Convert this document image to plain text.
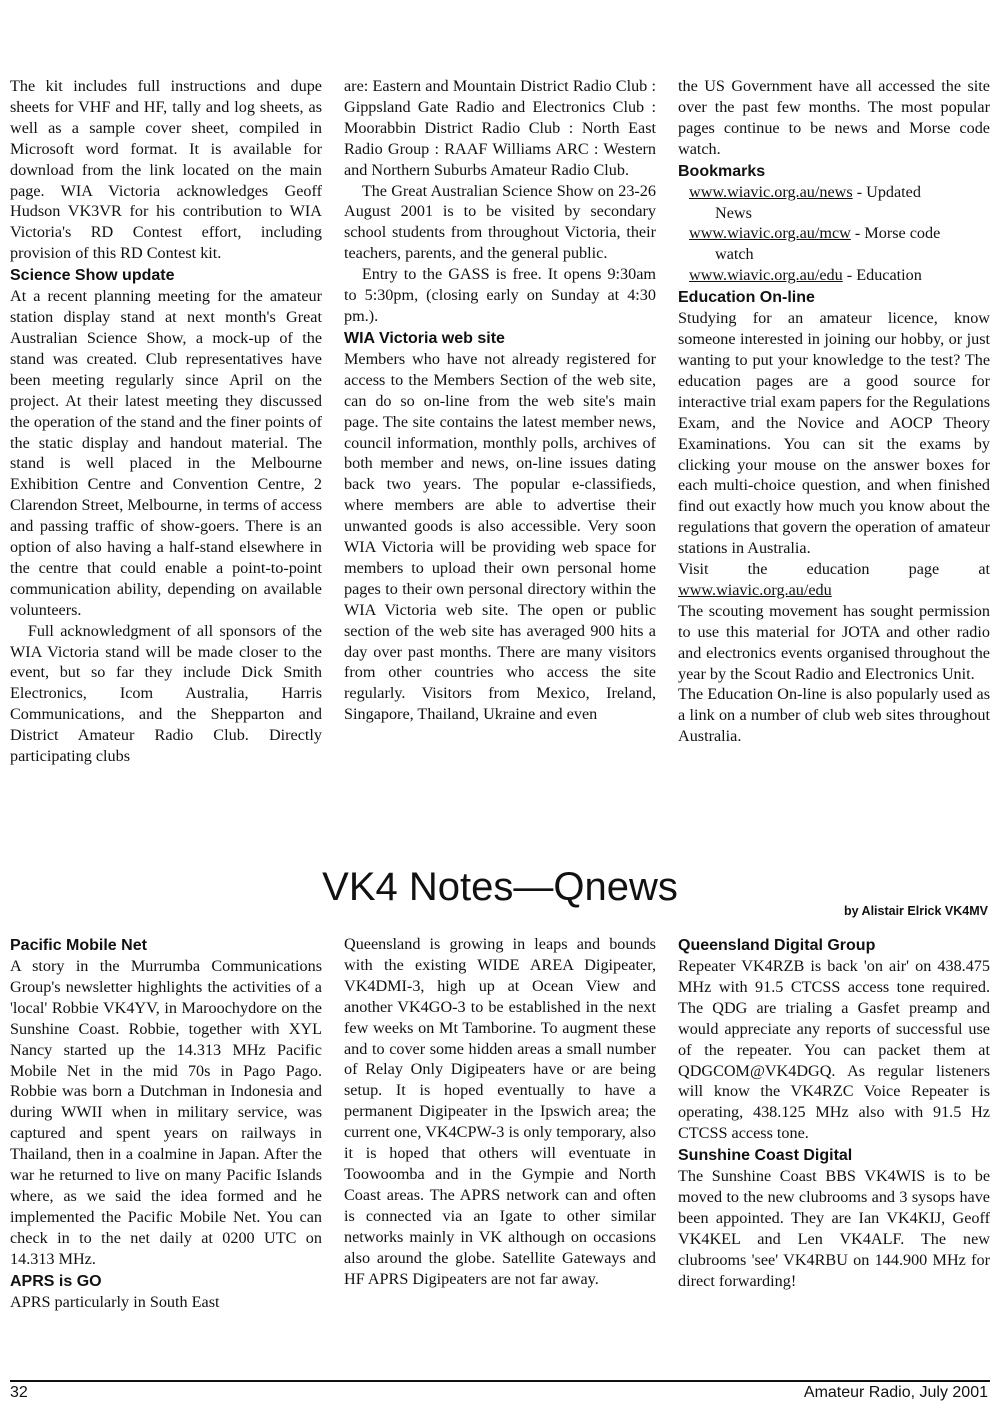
The kit includes full instructions and dupe sheets for VHF and HF, tally and log sheets, as well as a sample cover sheet, compiled in Microsoft word format. It is available for download from the link located on the main page. WIA Victoria acknowledges Geoff Hudson VK3VR for his contribution to WIA Victoria's RD Contest effort, including provision of this RD Contest kit.

Science Show update

At a recent planning meeting for the amateur station display stand at next month's Great Australian Science Show, a mock-up of the stand was created. Club representatives have been meeting regularly since April on the project. At their latest meeting they discussed the operation of the stand and the finer points of the static display and handout material. The stand is well placed in the Melbourne Exhibition Centre and Convention Centre, 2 Clarendon Street, Melbourne, in terms of access and passing traffic of show-goers. There is an option of also having a half-stand elsewhere in the centre that could enable a point-to-point communication ability, depending on available volunteers.

Full acknowledgment of all sponsors of the WIA Victoria stand will be made closer to the event, but so far they include Dick Smith Electronics, Icom Australia, Harris Communications, and the Shepparton and District Amateur Radio Club. Directly participating clubs

are: Eastern and Mountain District Radio Club : Gippsland Gate Radio and Electronics Club : Moorabbin District Radio Club : North East Radio Group : RAAF Williams ARC : Western and Northern Suburbs Amateur Radio Club.

The Great Australian Science Show on 23-26 August 2001 is to be visited by secondary school students from throughout Victoria, their teachers, parents, and the general public.

Entry to the GASS is free. It opens 9:30am to 5:30pm, (closing early on Sunday at 4:30 pm.).

WIA Victoria web site

Members who have not already registered for access to the Members Section of the web site, can do so on-line from the web site's main page. The site contains the latest member news, council information, monthly polls, archives of both member and news, on-line issues dating back two years. The popular e-classifieds, where members are able to advertise their unwanted goods is also accessible. Very soon WIA Victoria will be providing web space for members to upload their own personal home pages to their own personal directory within the WIA Victoria web site. The open or public section of the web site has averaged 900 hits a day over past months. There are many visitors from other countries who access the site regularly. Visitors from Mexico, Ireland, Singapore, Thailand, Ukraine and even

the US Government have all accessed the site over the past few months. The most popular pages continue to be news and Morse code watch.

Bookmarks

www.wiavic.org.au/news - Updated
News

www.wiavic.org.au/mcw - Morse code
watch

www.wiavic.org.au/edu - Education

Education On-line

Studying for an amateur licence, know someone interested in joining our hobby, or just wanting to put your knowledge to the test? The education pages are a good source for interactive trial exam papers for the Regulations Exam, and the Novice and AOCP Theory Examinations. You can sit the exams by clicking your mouse on the answer boxes for each multi-choice question, and when finished find out exactly how much you know about the regulations that govern the operation of amateur stations in Australia.

Visit the education page at

www.wiavic.org.au/edu

The scouting movement has sought permission to use this material for JOTA and other radio and electronics events organised throughout the year by the Scout Radio and Electronics Unit.

The Education On-line is also popularly used as a link on a number of club web sites throughout Australia.

VK4 Notes—Qnews
by Alistair Elrick VK4MV
Pacific Mobile Net

A story in the Murrumba Communications Group's newsletter highlights the activities of a 'local' Robbie VK4YV, in Maroochydore on the Sunshine Coast. Robbie, together with XYL Nancy started up the 14.313 MHz Pacific Mobile Net in the mid 70s in Pago Pago. Robbie was born a Dutchman in Indonesia and during WWII when in military service, was captured and spent years on railways in Thailand, then in a coalmine in Japan. After the war he returned to live on many Pacific Islands where, as we said the idea formed and he implemented the Pacific Mobile Net. You can check in to the net daily at 0200 UTC on 14.313 MHz.

APRS is GO

APRS particularly in South East

Queensland is growing in leaps and bounds with the existing WIDE AREA Digipeater, VK4DMI-3, high up at Ocean View and another VK4GO-3 to be established in the next few weeks on Mt Tamborine. To augment these and to cover some hidden areas a small number of Relay Only Digipeaters have or are being setup. It is hoped eventually to have a permanent Digipeater in the Ipswich area; the current one, VK4CPW-3 is only temporary, also it is hoped that others will eventuate in Toowoomba and in the Gympie and North Coast areas. The APRS network can and often is connected via an Igate to other similar networks mainly in VK although on occasions also around the globe. Satellite Gateways and HF APRS Digipeaters are not far away.

Queensland Digital Group

Repeater VK4RZB is back 'on air' on 438.475 MHz with 91.5 CTCSS access tone required. The QDG are trialing a Gasfet preamp and would appreciate any reports of successful use of the repeater. You can packet them at QDGCOM@VK4DGQ. As regular listeners will know the VK4RZC Voice Repeater is operating, 438.125 MHz also with 91.5 Hz CTCSS access tone.

Sunshine Coast Digital

The Sunshine Coast BBS VK4WIS is to be moved to the new clubrooms and 3 sysops have been appointed. They are Ian VK4KIJ, Geoff VK4KEL and Len VK4ALF. The new clubrooms 'see' VK4RBU on 144.900 MHz for direct forwarding!

32	Amateur Radio, July 2001
